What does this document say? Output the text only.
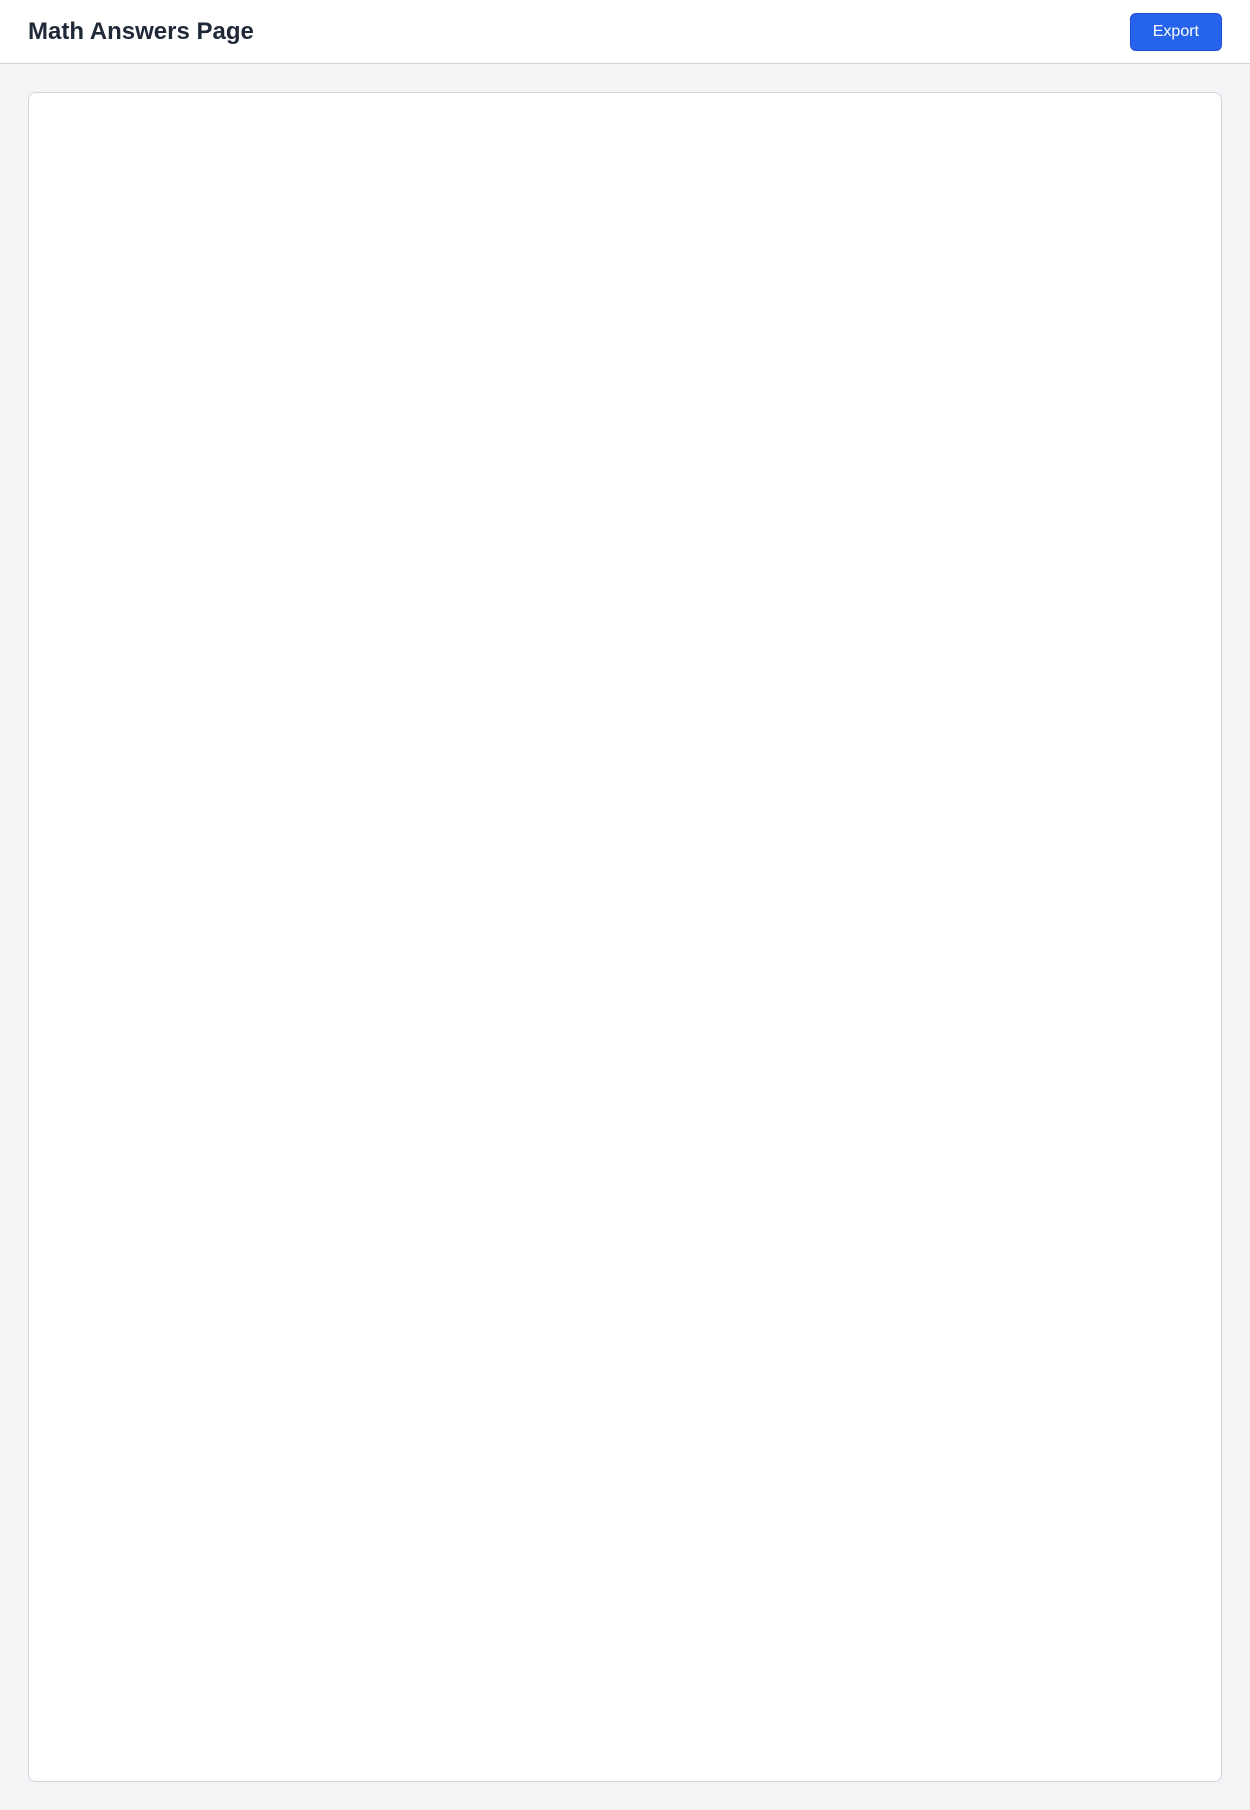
Math Answers Page	Export
